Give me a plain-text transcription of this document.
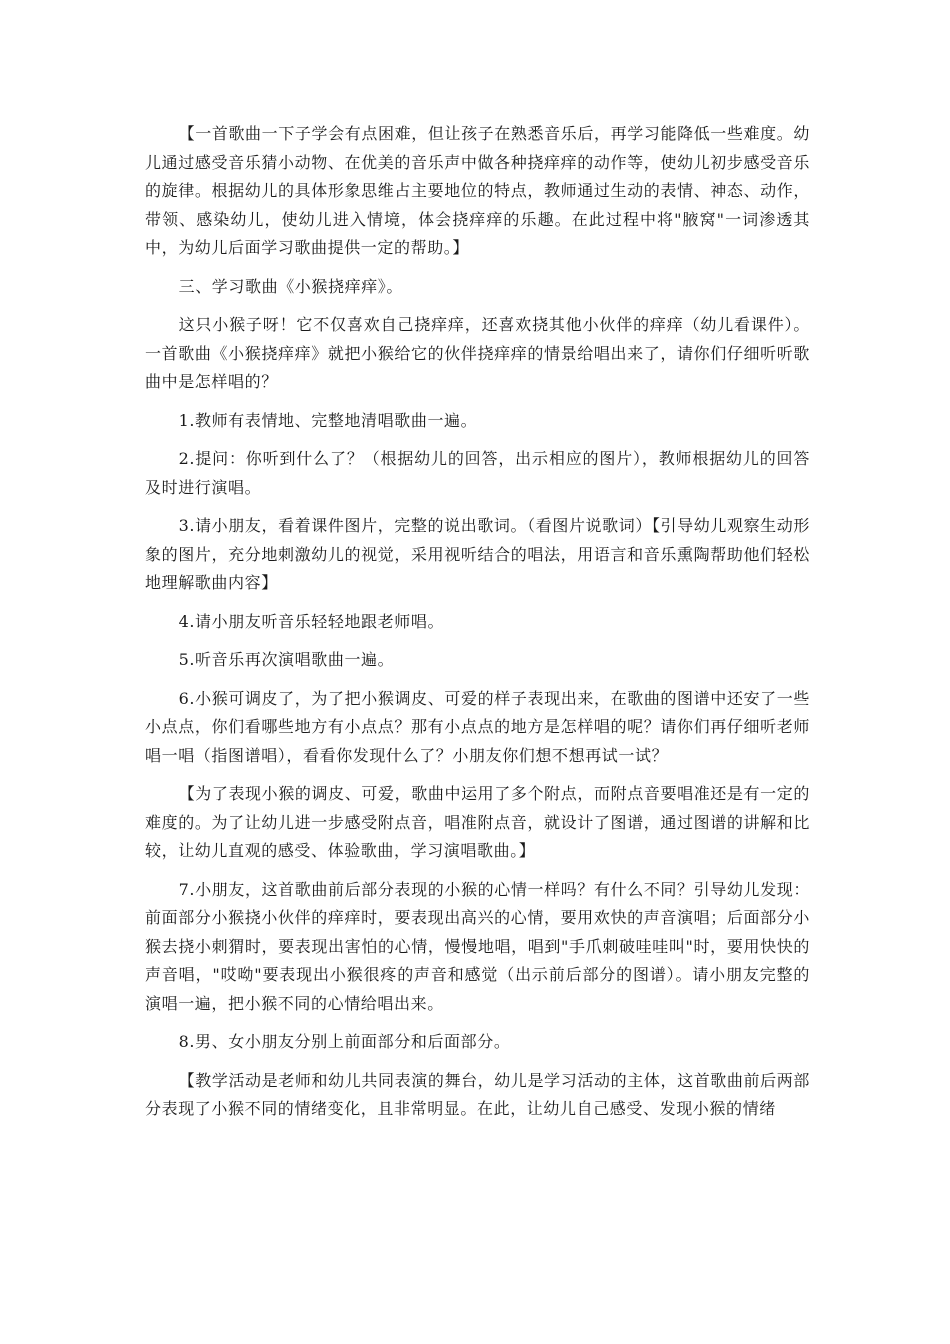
【一首歌曲一下子学会有点困难，但让孩子在熟悉音乐后，再学习能降低一些难度。幼儿通过感受音乐猜小动物、在优美的音乐声中做各种挠痒痒的动作等，使幼儿初步感受音乐的旋律。根据幼儿的具体形象思维占主要地位的特点，教师通过生动的表情、神态、动作，带领、感染幼儿，使幼儿进入情境，体会挠痒痒的乐趣。在此过程中将"腋窝"一词渗透其中，为幼儿后面学习歌曲提供一定的帮助。】

三、学习歌曲《小猴挠痒痒》。

这只小猴子呀！它不仅喜欢自己挠痒痒，还喜欢挠其他小伙伴的痒痒（幼儿看课件）。一首歌曲《小猴挠痒痒》就把小猴给它的伙伴挠痒痒的情景给唱出来了，请你们仔细听听歌曲中是怎样唱的？

1.教师有表情地、完整地清唱歌曲一遍。

2.提问：你听到什么了？（根据幼儿的回答，出示相应的图片），教师根据幼儿的回答及时进行演唱。

3.请小朋友，看着课件图片，完整的说出歌词。（看图片说歌词）【引导幼儿观察生动形象的图片，充分地刺激幼儿的视觉，采用视听结合的唱法，用语言和音乐熏陶帮助他们轻松地理解歌曲内容】

4.请小朋友听音乐轻轻地跟老师唱。

5.听音乐再次演唱歌曲一遍。

6.小猴可调皮了，为了把小猴调皮、可爱的样子表现出来，在歌曲的图谱中还安了一些小点点，你们看哪些地方有小点点？那有小点点的地方是怎样唱的呢？请你们再仔细听老师唱一唱（指图谱唱），看看你发现什么了？小朋友你们想不想再试一试？

【为了表现小猴的调皮、可爱，歌曲中运用了多个附点，而附点音要唱准还是有一定的难度的。为了让幼儿进一步感受附点音，唱准附点音，就设计了图谱，通过图谱的讲解和比较，让幼儿直观的感受、体验歌曲，学习演唱歌曲。】

7.小朋友，这首歌曲前后部分表现的小猴的心情一样吗？有什么不同？引导幼儿发现：前面部分小猴挠小伙伴的痒痒时，要表现出高兴的心情，要用欢快的声音演唱；后面部分小猴去挠小刺猬时，要表现出害怕的心情，慢慢地唱，唱到"手爪刺破哇哇叫"时，要用快快的声音唱，"哎呦"要表现出小猴很疼的声音和感觉（出示前后部分的图谱）。请小朋友完整的演唱一遍，把小猴不同的心情给唱出来。

8.男、女小朋友分别上前面部分和后面部分。

【教学活动是老师和幼儿共同表演的舞台，幼儿是学习活动的主体，这首歌曲前后两部分表现了小猴不同的情绪变化，且非常明显。在此，让幼儿自己感受、发现小猴的情绪
